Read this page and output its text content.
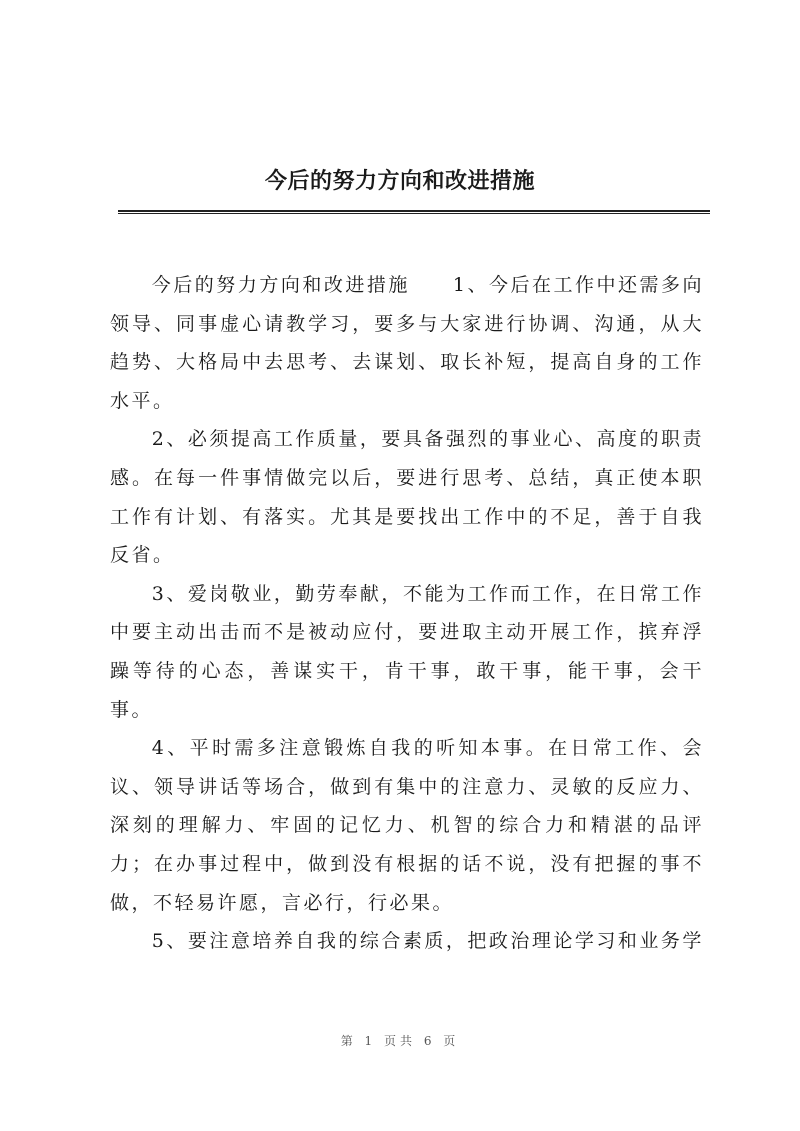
今后的努力方向和改进措施

今后的努力方向和改进措施　　1、今后在工作中还需多向领导、同事虚心请教学习，要多与大家进行协调、沟通，从大趋势、大格局中去思考、去谋划、取长补短，提高自身的工作水平。

2、必须提高工作质量，要具备强烈的事业心、高度的职责感。在每一件事情做完以后，要进行思考、总结，真正使本职工作有计划、有落实。尤其是要找出工作中的不足，善于自我反省。

3、爱岗敬业，勤劳奉献，不能为工作而工作，在日常工作中要主动出击而不是被动应付，要进取主动开展工作，摈弃浮躁等待的心态，善谋实干，肯干事，敢干事，能干事，会干事。

4、平时需多注意锻炼自我的听知本事。在日常工作、会议、领导讲话等场合，做到有集中的注意力、灵敏的反应力、深刻的理解力、牢固的记忆力、机智的综合力和精湛的品评力；在办事过程中，做到没有根据的话不说，没有把握的事不做，不轻易许愿，言必行，行必果。

5、要注意培养自我的综合素质，把政治理论学习和业务学

第 1 页共 6 页
